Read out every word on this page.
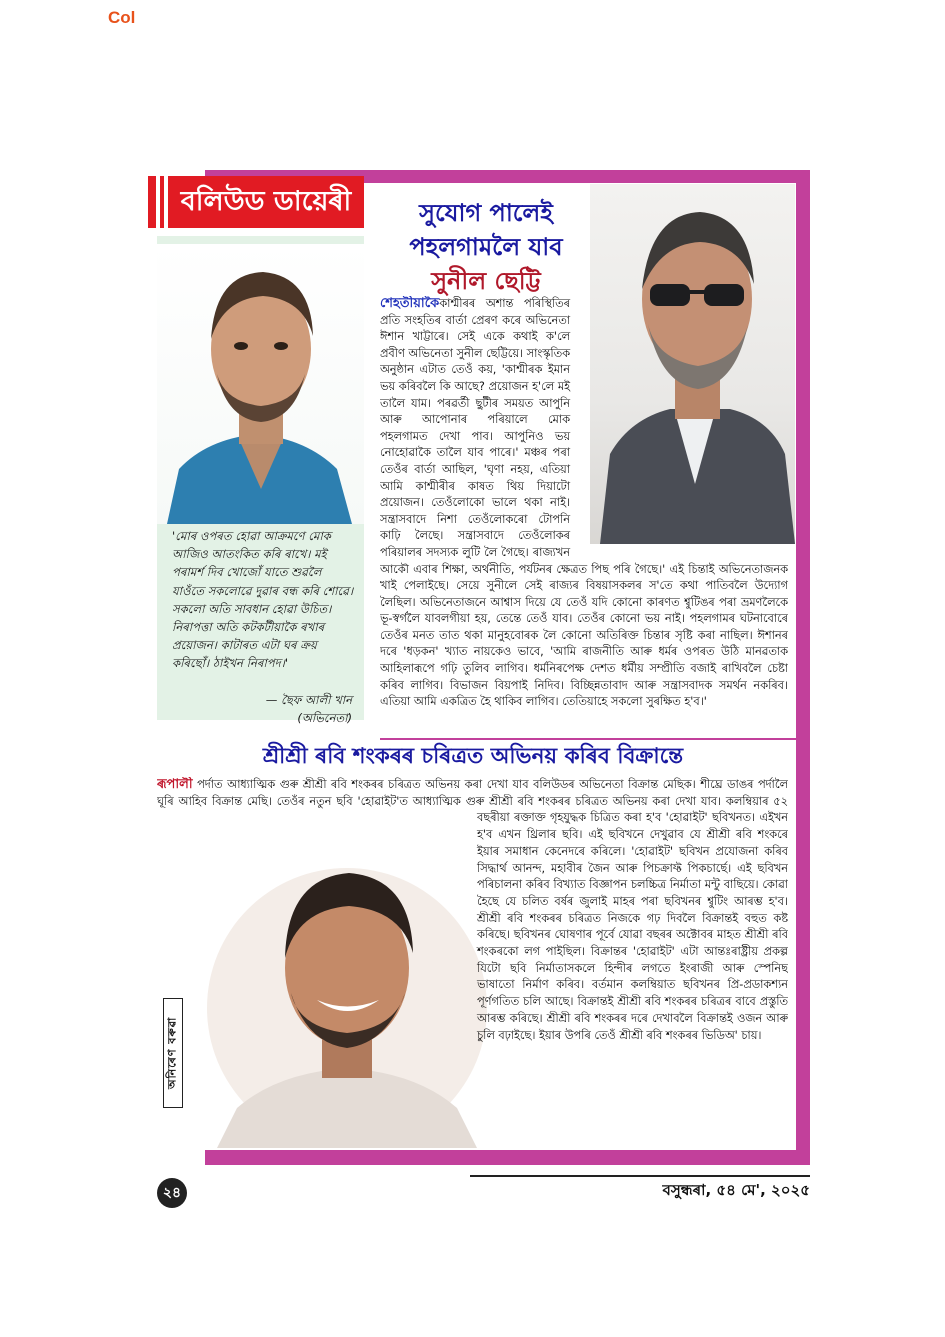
Col
বলিউড ডায়েৰী	সুযোগ পালেই
পহলগামলৈ যাব
সুনীল ছেট্টি
শেহতীয়াকৈকাশ্মীৰৰ অশান্ত পৰিস্থিতিৰ প্ৰতি সংহতিৰ বাৰ্তা প্ৰেৰণ কৰে অভিনেতা ঈশান খাট্টাৰে। সেই একে কথাই ক'লে প্ৰবীণ অভিনেতা সুনীল ছেট্টিয়ে। সাংস্কৃতিক অনুষ্ঠান এটাত তেওঁ কয়, 'কাশ্মীৰক ইমান ভয় কৰিবলৈ কি আছে? প্ৰয়োজন হ'লে মই তালৈ যাম। পৰৱৰ্তী ছুটীৰ সময়ত আপুনি আৰু আপোনাৰ পৰিয়ালে মোক পহলগামত দেখা পাব। আপুনিও ভয় নোহোৱাকৈ তালৈ যাব পাৰে।' মঞ্চৰ পৰা তেওঁৰ বাৰ্তা আছিল, 'ঘৃণা নহয়, এতিয়া আমি কাশ্মীৰীৰ কাষত থিয় দিয়াটো প্ৰয়োজন। তেওঁলোকো ভালে থকা নাই। সন্ত্ৰাসবাদে নিশা তেওঁলোকৰো টোপনি কাঢ়ি লৈছে। সন্ত্ৰাসবাদে তেওঁলোকৰ পৰিয়ালৰ সদস্যক লুটি লৈ গৈছে। ৰাজ্যখন আকৌ এবাৰ শিক্ষা, অৰ্থনীতি, পৰ্যটনৰ ক্ষেত্ৰত পিছ পৰি গৈছে।' এই চিন্তাই অভিনেতাজনক খাই পেলাইছে। সেয়ে সুনীলে সেই ৰাজ্যৰ বিষয়াসকলৰ স'তে কথা পাতিবলৈ উদ্যোগ লৈছিল। অভিনেতাজনে আশ্বাস দিয়ে যে তেওঁ যদি কোনো কাৰণত শ্বুটিঙৰ পৰা ভ্ৰমণলৈকে ভূ-স্বৰ্গলৈ যাবলগীয়া হয়, তেন্তে তেওঁ যাব। তেওঁৰ কোনো ভয় নাই। পহলগামৰ ঘটনাবোৰে তেওঁৰ মনত তাত থকা মানুহবোৰক লৈ কোনো অতিৰিক্ত চিন্তাৰ সৃষ্টি কৰা নাছিল। ঈশানৰ দৰে 'ধড়কন' খ্যাত নায়কেও ভাবে, 'আমি ৰাজনীতি আৰু ধৰ্মৰ ওপৰত উঠি মানৱতাক আহিলাৰূপে গঢ়ি তুলিব লাগিব। ধৰ্মনিৰপেক্ষ দেশত ধৰ্মীয় সম্প্ৰীতি বজাই ৰাখিবলৈ চেষ্টা কৰিব লাগিব। বিভাজন বিয়পাই নিদিব। বিচ্ছিন্নতাবাদ আৰু সন্ত্ৰাসবাদক সমৰ্থন নকৰিব। এতিয়া আমি একত্ৰিত হৈ থাকিব লাগিব। তেতিয়াহে সকলো সুৰক্ষিত হ'ব।'
'মোৰ ওপৰত হোৱা আক্ৰমণে মোক আজিও আতংকিত কৰি ৰাখে। মই পৰামৰ্শ দিব খোজোঁ যাতে শুৱলৈ যাওঁতে সকলোৱে দুৱাৰ বন্ধ কৰি শোৱে। সকলো অতি সাবধান হোৱা উচিত। নিৰাপত্তা অতি কটকটীয়াকৈ ৰখাৰ প্ৰয়োজন। কাটাৰত এটা ঘৰ ক্ৰয় কৰিছোঁ। ঠাইখন নিৰাপদ।'
— ছৈফ আলী খান
(অভিনেতা)
শ্ৰীশ্ৰী ৰবি শংকৰৰ চৰিত্ৰত অভিনয় কৰিব বিক্ৰান্তে
ৰূপালী পৰ্দাত আধ্যাত্মিক গুৰু শ্ৰীশ্ৰী ৰবি শংকৰৰ চৰিত্ৰত অভিনয় কৰা দেখা যাব বলিউডৰ অভিনেতা বিক্ৰান্ত মেছিক। শীঘ্ৰে ডাঙৰ পৰ্দালৈ ঘূৰি আহিব বিক্ৰান্ত মেছি। তেওঁৰ নতুন ছবি 'হোৱাইট'ত আধ্যাত্মিক গুৰু শ্ৰীশ্ৰী ৰবি শংকৰৰ চৰিত্ৰত অভিনয় কৰা দেখা যাব। কলম্বিয়াৰ ৫২ বছৰীয়া ৰক্তাক্ত গৃহযুদ্ধক চিত্ৰিত কৰা হ'ব 'হোৱাইট' ছবিখনত। এইখন হ'ব এখন থ্ৰিলাৰ ছবি। এই ছবিখনে দেখুৱাব যে শ্ৰীশ্ৰী ৰবি শংকৰে ইয়াৰ সমাধান কেনেদৰে কৰিলে। 'হোৱাইট' ছবিখন প্ৰযোজনা কৰিব সিদ্ধাৰ্থ আনন্দ, মহাবীৰ জৈন আৰু পিচক্ৰাফ্ট পিকচাৰ্ছে। এই ছবিখন পৰিচালনা কৰিব বিখ্যাত বিজ্ঞাপন চলচ্চিত্ৰ নিৰ্মাতা মন্টু বাছিয়ে। কোৱা হৈছে যে চলিত বৰ্ষৰ জুলাই মাহৰ পৰা ছবিখনৰ শ্বুটিং আৰম্ভ হ'ব। শ্ৰীশ্ৰী ৰবি শংকৰৰ চৰিত্ৰত নিজকে গঢ় দিবলৈ বিক্ৰান্তই বহুত কষ্ট কৰিছে। ছবিখনৰ ঘোষণাৰ পূৰ্বে যোৱা বছৰৰ অক্টোবৰ মাহত শ্ৰীশ্ৰী ৰবি শংকৰকো লগ পাইছিল। বিক্ৰান্তৰ 'হোৱাইট' এটা আন্তঃৰাষ্ট্ৰীয় প্ৰকল্প যিটো ছবি নিৰ্মাতাসকলে হিন্দীৰ লগতে ইংৰাজী আৰু স্পেনিছ ভাষাতো নিৰ্মাণ কৰিব। বৰ্তমান কলম্বিয়াত ছবিখনৰ প্ৰি-প্ৰডাকশ্যন পূৰ্ণগতিত চলি আছে। বিক্ৰান্তই শ্ৰীশ্ৰী ৰবি শংকৰৰ চৰিত্ৰৰ বাবে প্ৰস্তুতি আৰম্ভ কৰিছে। শ্ৰীশ্ৰী ৰবি শংকৰৰ দৰে দেখাবলৈ বিক্ৰান্তই ওজন আৰু চুলি বঢ়াইছে। ইয়াৰ উপৰি তেওঁ শ্ৰীশ্ৰী ৰবি শংকৰৰ ভিডিঅ' চায়।
অনিৰেণ বৰুৱা
২৪	বসুন্ধৰা, ৫৪ মে', ২০২৫
